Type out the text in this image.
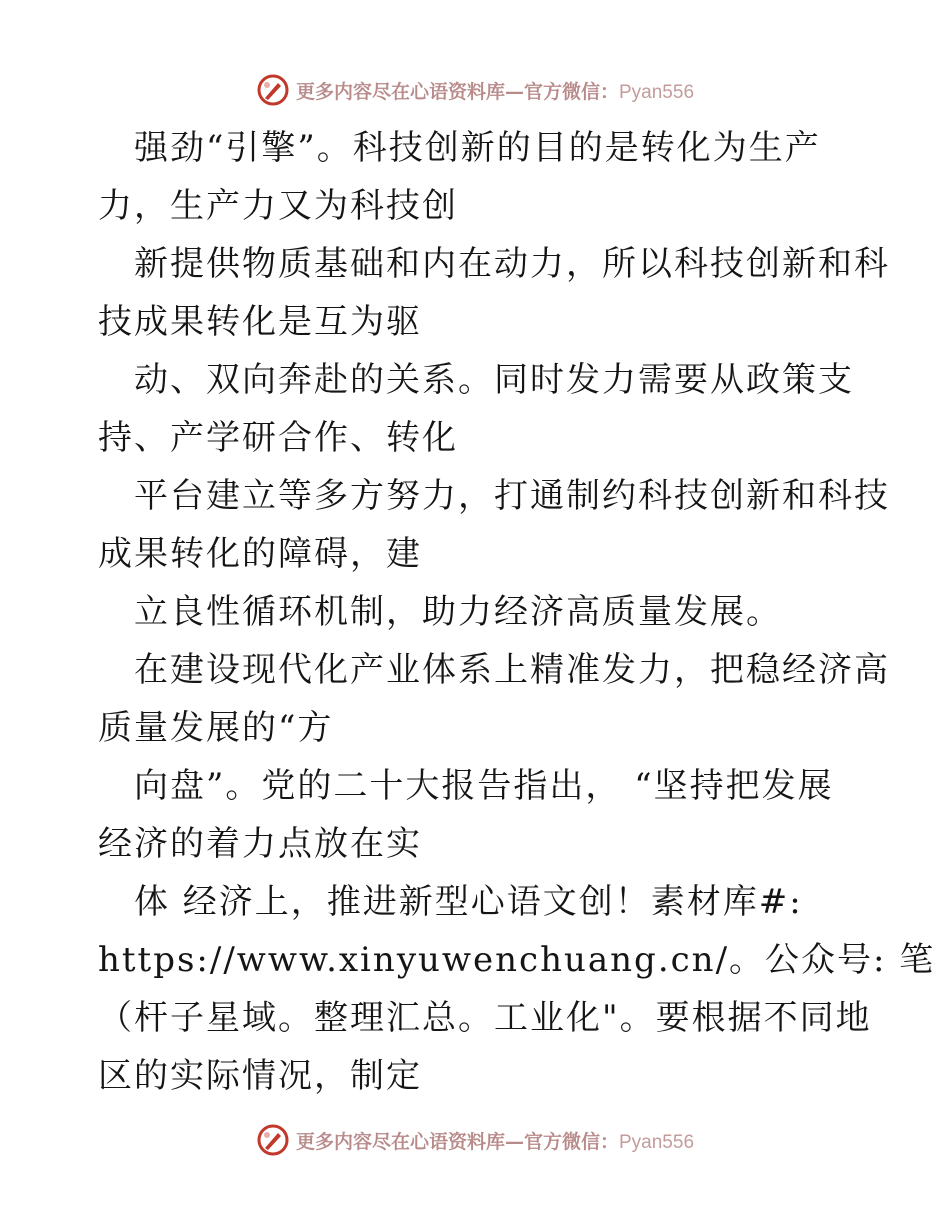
更多内容尽在心语资料库—官方微信：Pyan556
强劲“引擎”。科技创新的目的是转化为生产
力，生产力又为科技创
新提供物质基础和内在动力，所以科技创新和科
技成果转化是互为驱
动、双向奔赴的关系。同时发力需要从政策支
持、产学研合作、转化
平台建立等多方努力，打通制约科技创新和科技
成果转化的障碍，建
立良性循环机制，助力经济高质量发展。
在建设现代化产业体系上精准发力，把稳经济高
质量发展的“方
向盘”。党的二十大报告指出， “坚持把发展
经济的着力点放在实
体 经济上，推进新型心语文创！素材库#:
https://www.xinyuwenchuang.cn/。公众号: 笔
（杆子星域。整理汇总。工业化"。要根据不同地
区的实际情况，制定
更多内容尽在心语资料库—官方微信：Pyan556
